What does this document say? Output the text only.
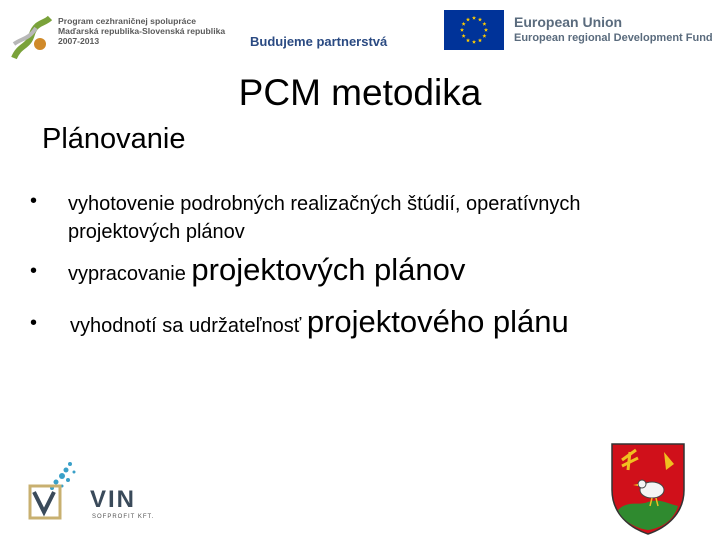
Program cezhraničnej spolupráce
Maďarská republika-Slovenská republika
2007-2013	Budujeme partnerstvá
European Union
European regional Development Fund
PCM metodika
Plánovanie
• vyhotovenie podrobných realizačných štúdií, operatívnych
projektových plánov
• vypracovanie projektových plánov
• vyhodnotí sa udržateľnosť projektového plánu
VIN
SOFPROFIT KFT.
